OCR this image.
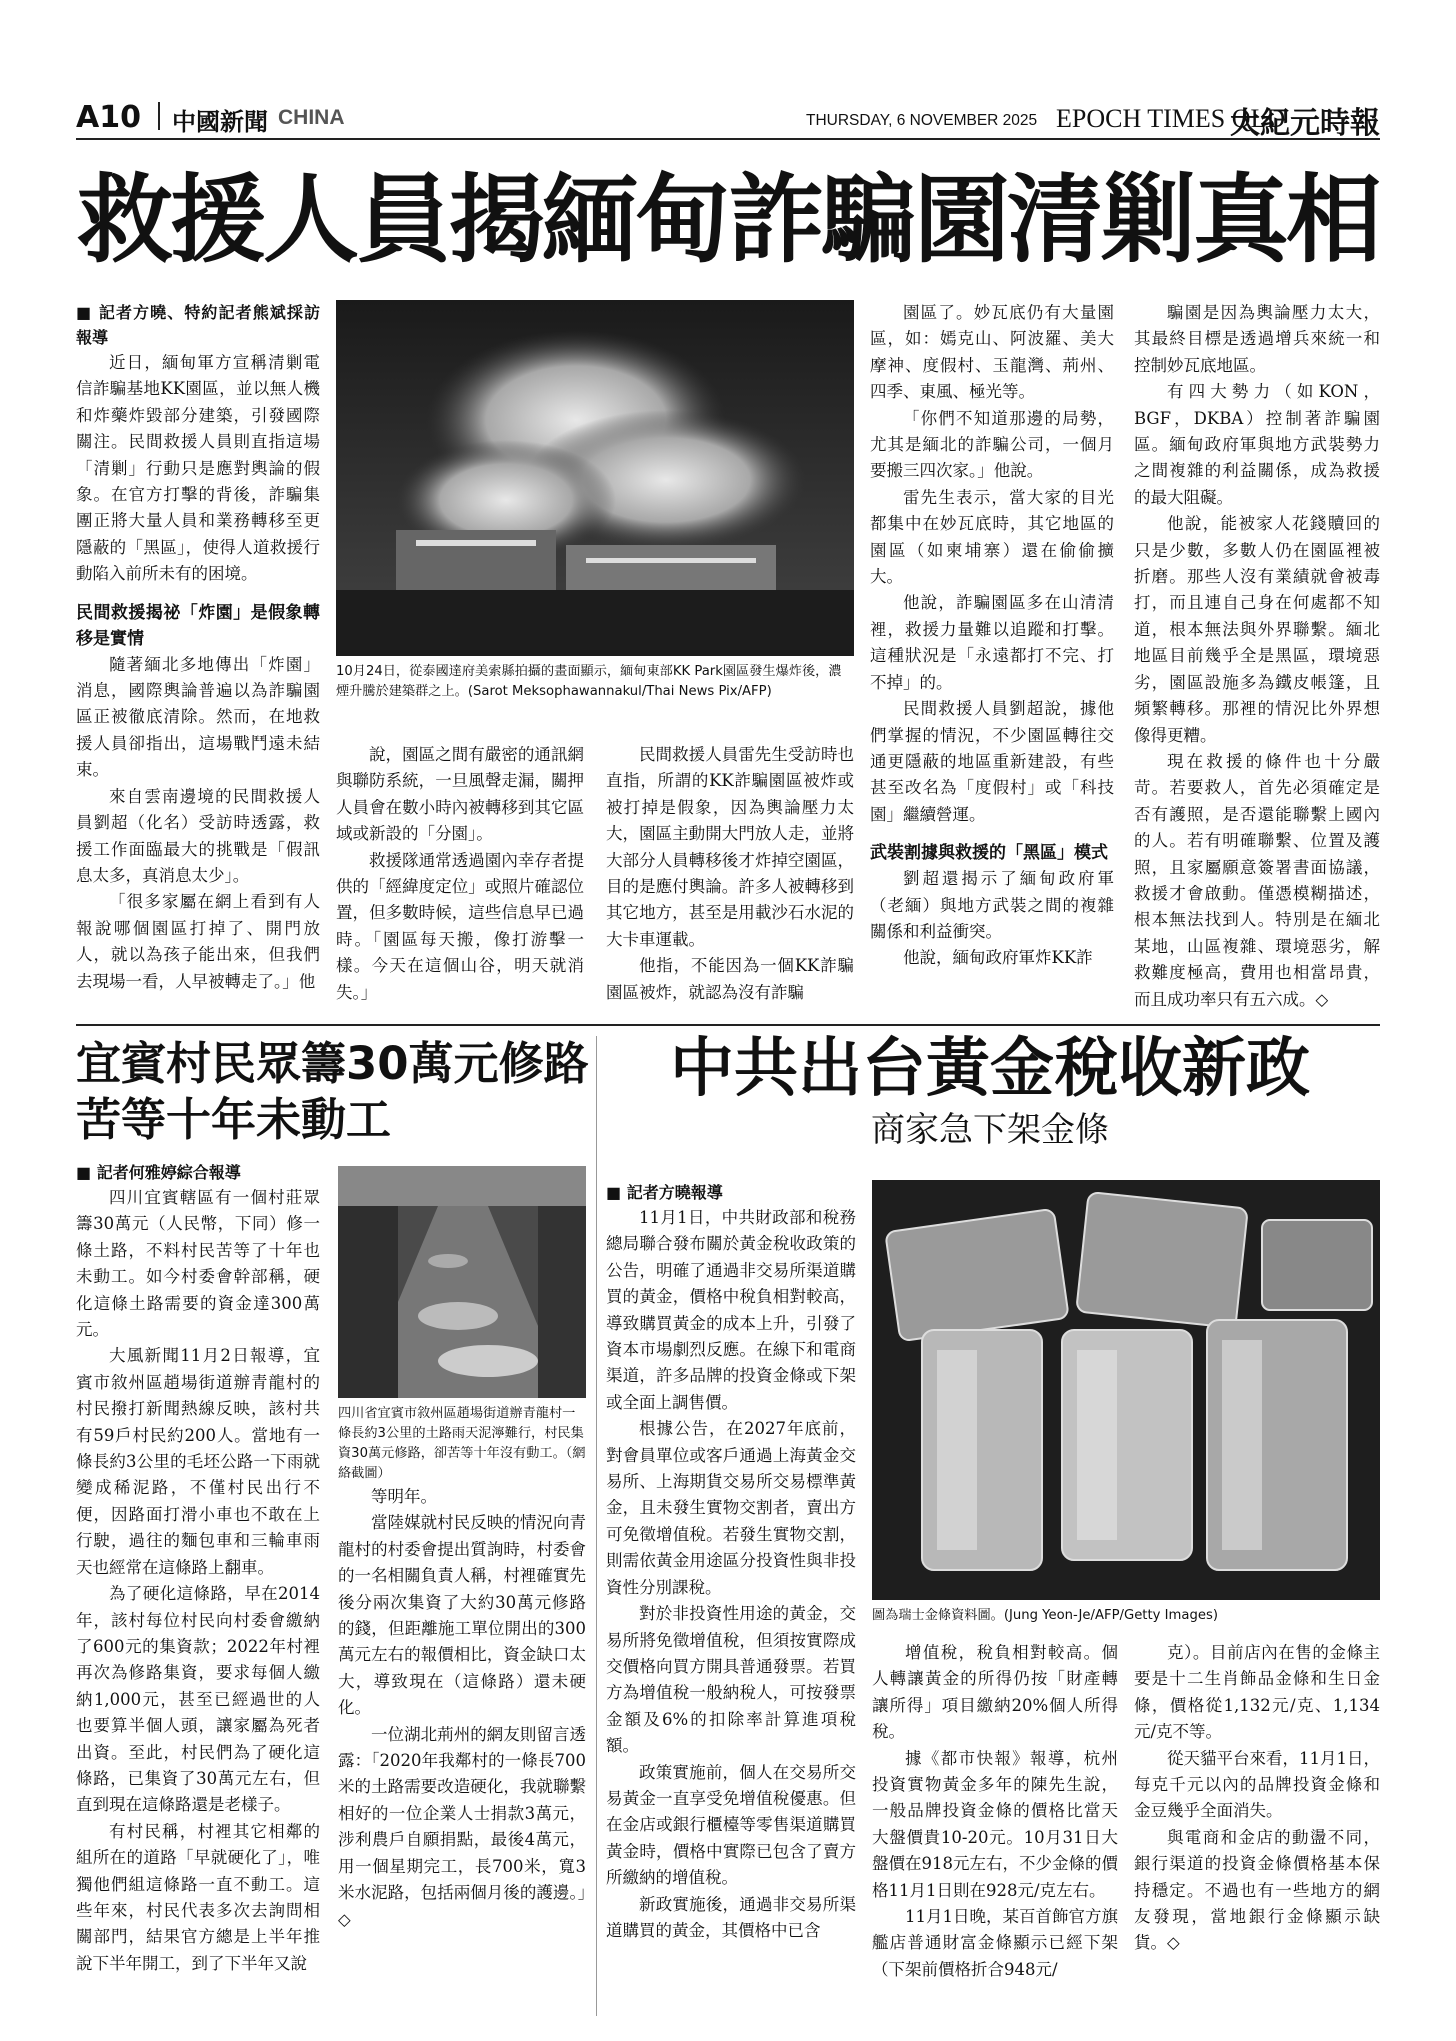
A10 中國新聞 CHINA	THURSDAY, 6 NOVEMBER 2025 EPOCH TIMES QLD
大紀元時報
救援人員揭緬甸詐騙園清剿真相
■ 記者方曉、特約記者熊斌採訪報導

近日，緬甸軍方宣稱清剿電信詐騙基地KK園區，並以無人機和炸藥炸毀部分建築，引發國際關注。民間救援人員則直指這場「清剿」行動只是應對輿論的假象。在官方打擊的背後，詐騙集團正將大量人員和業務轉移至更隱蔽的「黑區」，使得人道救援行動陷入前所未有的困境。

民間救援揭祕「炸園」是假象轉移是實情

隨著緬北多地傳出「炸園」消息，國際輿論普遍以為詐騙園區正被徹底清除。然而，在地救援人員卻指出，這場戰鬥遠未結束。

來自雲南邊境的民間救援人員劉超（化名）受訪時透露，救援工作面臨最大的挑戰是「假訊息太多，真消息太少」。

「很多家屬在網上看到有人報說哪個園區打掉了、開門放人，就以為孩子能出來，但我們去現場一看，人早被轉走了。」他

10月24日，從泰國達府美索縣拍攝的畫面顯示，緬甸東部KK Park園區發生爆炸後，濃煙升騰於建築群之上。(Sarot Meksophawannakul/Thai News Pix/AFP)

說，園區之間有嚴密的通訊網與聯防系統，一旦風聲走漏，關押人員會在數小時內被轉移到其它區域或新設的「分園」。

救援隊通常透過園內幸存者提供的「經緯度定位」或照片確認位置，但多數時候，這些信息早已過時。「園區每天搬，像打游擊一樣。今天在這個山谷，明天就消失。」

民間救援人員雷先生受訪時也直指，所謂的KK詐騙園區被炸或被打掉是假象，因為輿論壓力太大，園區主動開大門放人走，並將大部分人員轉移後才炸掉空園區，目的是應付輿論。許多人被轉移到其它地方，甚至是用載沙石水泥的大卡車運載。

他指，不能因為一個KK詐騙園區被炸，就認為沒有詐騙

園區了。妙瓦底仍有大量園區，如：嫣克山、阿波羅、美大摩神、度假村、玉龍灣、荊州、四季、東風、極光等。

「你們不知道那邊的局勢，尤其是緬北的詐騙公司，一個月要搬三四次家。」他說。

雷先生表示，當大家的目光都集中在妙瓦底時，其它地區的園區（如柬埔寨）還在偷偷擴大。

他說，詐騙園區多在山清清裡，救援力量難以追蹤和打擊。這種狀況是「永遠都打不完、打不掉」的。

民間救援人員劉超說，據他們掌握的情況，不少園區轉往交通更隱蔽的地區重新建設，有些甚至改名為「度假村」或「科技園」繼續營運。

武裝割據與救援的「黑區」模式

劉超還揭示了緬甸政府軍（老緬）與地方武裝之間的複雜關係和利益衝突。

他說，緬甸政府軍炸KK詐

騙園是因為輿論壓力太大，其最終目標是透過增兵來統一和控制妙瓦底地區。

有四大勢力（如KON，BGF，DKBA）控制著詐騙園區。緬甸政府軍與地方武裝勢力之間複雜的利益關係，成為救援的最大阻礙。

他說，能被家人花錢贖回的只是少數，多數人仍在園區裡被折磨。那些人沒有業績就會被毒打，而且連自己身在何處都不知道，根本無法與外界聯繫。緬北地區目前幾乎全是黑區，環境惡劣，園區設施多為鐵皮帳篷，且頻繁轉移。那裡的情況比外界想像得更糟。

現在救援的條件也十分嚴苛。若要救人，首先必須確定是否有護照，是否還能聯繫上國內的人。若有明確聯繫、位置及護照，且家屬願意簽署書面協議，救援才會啟動。僅憑模糊描述，根本無法找到人。特別是在緬北某地，山區複雜、環境惡劣，解救難度極高，費用也相當昂貴，而且成功率只有五六成。◇

宜賓村民眾籌30萬元修路苦等十年未動工
■ 記者何雅婷綜合報導

四川宜賓轄區有一個村莊眾籌30萬元（人民幣，下同）修一條土路，不料村民苦等了十年也未動工。如今村委會幹部稱，硬化這條土路需要的資金達300萬元。

大風新聞11月2日報導，宜賓市敘州區趙場街道辦青龍村的村民撥打新聞熱線反映，該村共有59戶村民約200人。當地有一條長約3公里的毛坯公路一下雨就變成稀泥路，不僅村民出行不便，因路面打滑小車也不敢在上行駛，過往的麵包車和三輪車雨天也經常在這條路上翻車。

為了硬化這條路，早在2014年，該村每位村民向村委會繳納了600元的集資款；2022年村裡再次為修路集資，要求每個人繳納1,000元，甚至已經過世的人也要算半個人頭，讓家屬為死者出資。至此，村民們為了硬化這條路，已集資了30萬元左右，但直到現在這條路還是老樣子。

有村民稱，村裡其它相鄰的組所在的道路「早就硬化了」，唯獨他們組這條路一直不動工。這些年來，村民代表多次去詢問相關部門，結果官方總是上半年推說下半年開工，到了下半年又說

四川省宜賓市敘州區趙場街道辦青龍村一條長約3公里的土路雨天泥濘難行，村民集資30萬元修路，卻苦等十年沒有動工。（網絡截圖）

等明年。

當陸媒就村民反映的情況向青龍村的村委會提出質詢時，村委會的一名相關負責人稱，村裡確實先後分兩次集資了大約30萬元修路的錢，但距離施工單位開出的300萬元左右的報價相比，資金缺口太大，導致現在（這條路）還未硬化。

一位湖北荊州的網友則留言透露：「2020年我鄰村的一條長700米的土路需要改造硬化，我就聯繫相好的一位企業人士捐款3萬元，涉利農戶自願捐點，最後4萬元，用一個星期完工，長700米，寬3米水泥路，包括兩個月後的護邊。」◇

中共出台黃金稅收新政
商家急下架金條
■ 記者方曉報導

11月1日，中共財政部和稅務總局聯合發布關於黃金稅收政策的公告，明確了通過非交易所渠道購買的黃金，價格中稅負相對較高，導致購買黃金的成本上升，引發了資本市場劇烈反應。在線下和電商渠道，許多品牌的投資金條或下架或全面上調售價。

根據公告，在2027年底前，對會員單位或客戶通過上海黃金交易所、上海期貨交易所交易標準黃金，且未發生實物交割者，賣出方可免徵增值稅。若發生實物交割，則需依黃金用途區分投資性與非投資性分別課稅。

對於非投資性用途的黃金，交易所將免徵增值稅，但須按實際成交價格向買方開具普通發票。若買方為增值稅一般納稅人，可按發票金額及6%的扣除率計算進項稅額。

政策實施前，個人在交易所交易黃金一直享受免增值稅優惠。但在金店或銀行櫃檯等零售渠道購買黃金時，價格中實際已包含了賣方所繳納的增值稅。

新政實施後，通過非交易所渠道購買的黃金，其價格中已含

圖為瑞士金條資料圖。(Jung Yeon-Je/AFP/Getty Images)

增值稅，稅負相對較高。個人轉讓黃金的所得仍按「財產轉讓所得」項目繳納20%個人所得稅。

據《都市快報》報導，杭州投資實物黃金多年的陳先生說，一般品牌投資金條的價格比當天大盤價貴10-20元。10月31日大盤價在918元左右，不少金條的價格11月1日則在928元/克左右。

11月1日晚，某百首飾官方旗艦店普通財富金條顯示已經下架（下架前價格折合948元/

克）。目前店內在售的金條主要是十二生肖飾品金條和生日金條，價格從1,132元/克、1,134元/克不等。

從天貓平台來看，11月1日，每克千元以內的品牌投資金條和金豆幾乎全面消失。

與電商和金店的動盪不同，銀行渠道的投資金條價格基本保持穩定。不過也有一些地方的網友發現，當地銀行金條顯示缺貨。◇
